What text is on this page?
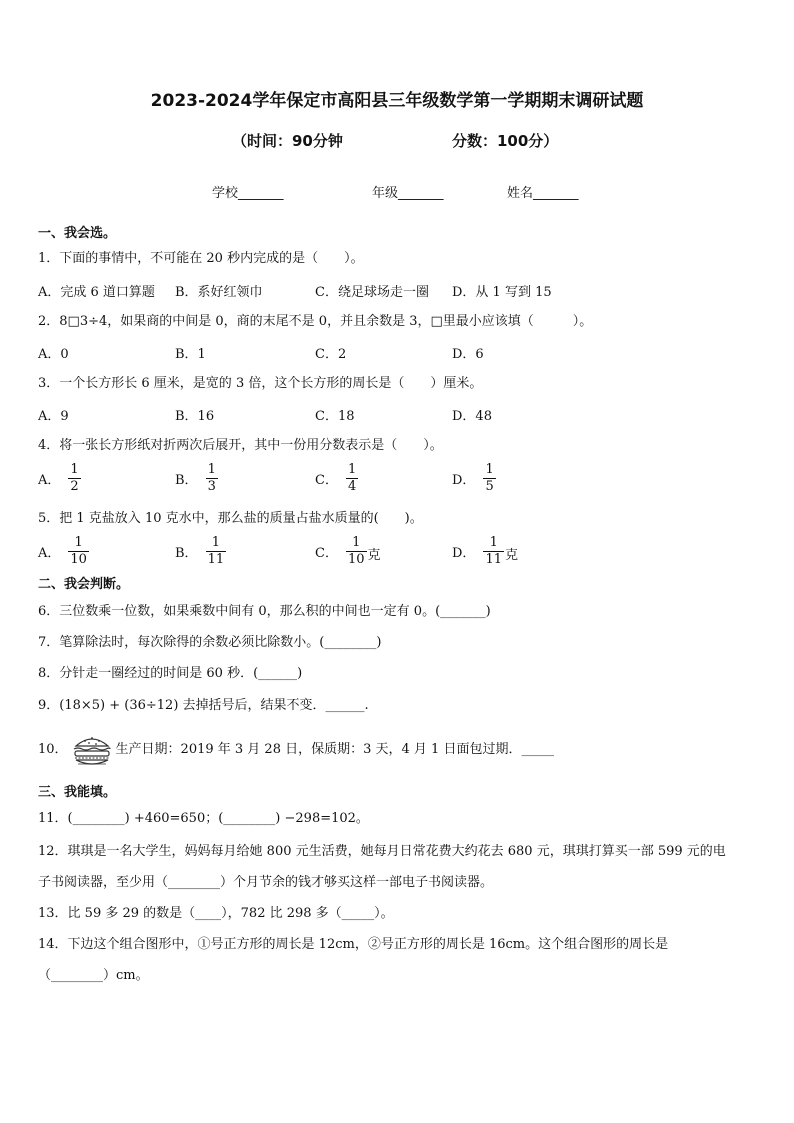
2023-2024学年保定市高阳县三年级数学第一学期期末调研试题
（时间：90分钟	分数：100分）
学校_______	年级_______	姓名_______
一、我会选。
1．下面的事情中，不可能在 20 秒内完成的是（　　）。
A．完成 6 道口算题 B．系好红领巾	C．绕足球场走一圈 D．从 1 写到 15
2．8□3÷4，如果商的中间是 0，商的末尾不是 0，并且余数是 3，□里最小应该填（　　　）。
A．0	B．1	C．2	D．6
3．一个长方形长 6 厘米，是宽的 3 倍，这个长方形的周长是（　　）厘米。
A．9	B．16	C．18	D．48
4．将一张长方形纸对折两次后展开，其中一份用分数表示是（　　）。
A． $\frac{1}{2}$	B． $\frac{1}{3}$	C． $\frac{1}{4}$	D． $\frac{1}{5}$
5．把 1 克盐放入 10 克水中，那么盐的质量占盐水质量的(　　)。
A． $\frac{1}{10}$	B． $\frac{1}{11}$	C． $\frac{1}{10}$ 克	D． $\frac{1}{11}$ 克
二、我会判断。
6．三位数乘一位数，如果乘数中间有 0，那么积的中间也一定有 0。(_______)
7．笔算除法时，每次除得的余数必须比除数小。(________)
8．分针走一圈经过的时间是 60 秒．(______)
9．(18×5) + (36÷12) 去掉括号后，结果不变．______.
10．	生产日期：2019 年 3 月 28 日，保质期：3 天，4 月 1 日面包过期．_____
三、我能填。
11．(________) +460=650；(________) −298=102。
12．琪琪是一名大学生，妈妈每月给她 800 元生活费，她每月日常花费大约花去 680 元，琪琪打算买一部 599 元的电
子书阅读器，至少用（________）个月节余的钱才够买这样一部电子书阅读器。
13．比 59 多 29 的数是（____），782 比 298 多（_____）。
14．下边这个组合图形中，①号正方形的周长是 12cm，②号正方形的周长是 16cm。这个组合图形的周长是
（________）cm。
